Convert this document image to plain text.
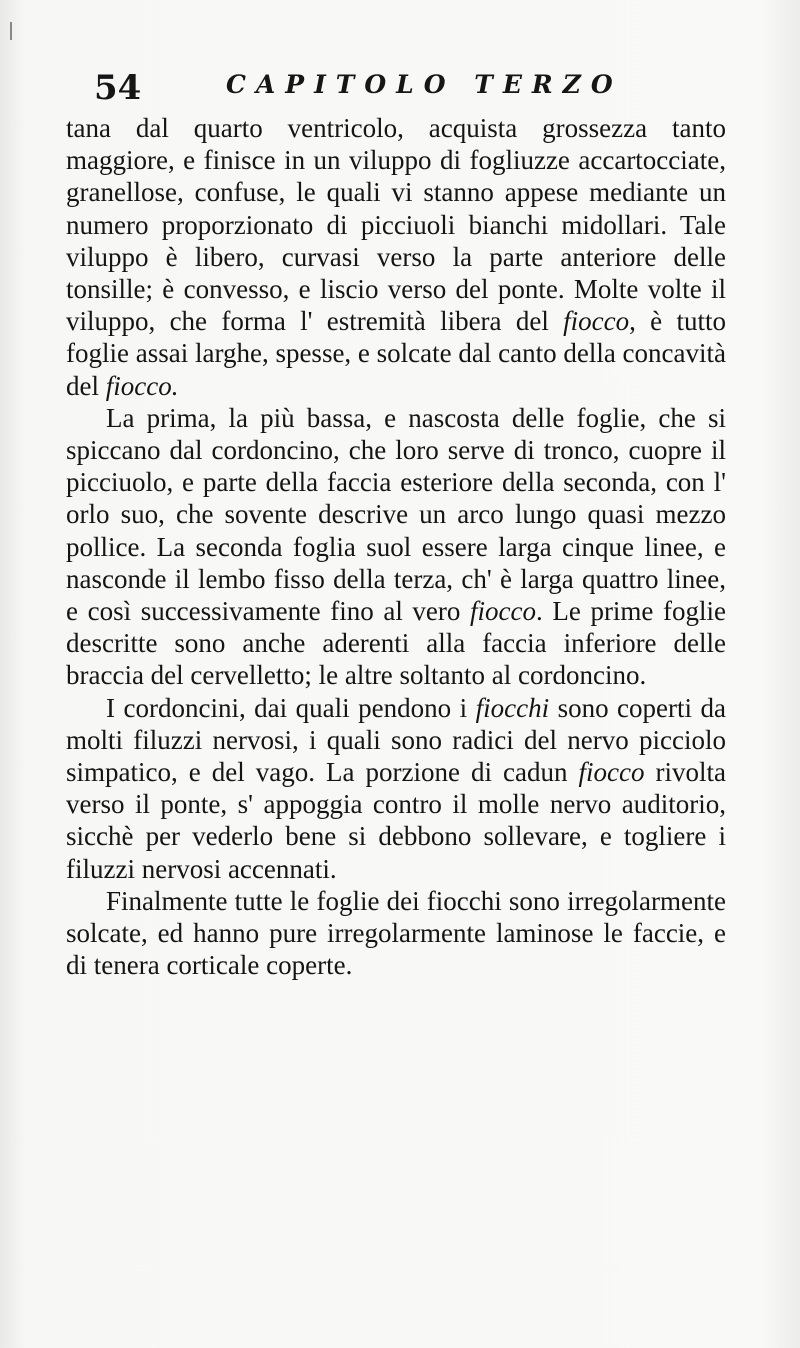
54	CAPITOLO TERZO

tana dal quarto ventricolo, acquista grossezza tanto maggiore, e finisce in un viluppo di fogliuzze accartocciate, granellose, confuse, le quali vi stanno appese mediante un numero proporzionato di picciuoli bianchi midollari. Tale viluppo è libero, curvasi verso la parte anteriore delle tonsille; è convesso, e liscio verso del ponte. Molte volte il viluppo, che forma l' estremità libera del fiocco, è tutto foglie assai larghe, spesse, e solcate dal canto della concavità del fiocco.

La prima, la più bassa, e nascosta delle foglie, che si spiccano dal cordoncino, che loro serve di tronco, cuopre il picciuolo, e parte della faccia esteriore della seconda, con l' orlo suo, che sovente descrive un arco lungo quasi mezzo pollice. La seconda foglia suol essere larga cinque linee, e nasconde il lembo fisso della terza, ch' è larga quattro linee, e così successivamente fino al vero fiocco. Le prime foglie descritte sono anche aderenti alla faccia inferiore delle braccia del cervelletto; le altre soltanto al cordoncino.

I cordoncini, dai quali pendono i fiocchi sono coperti da molti filuzzi nervosi, i quali sono radici del nervo picciolo simpatico, e del vago. La porzione di cadun fiocco rivolta verso il ponte, s' appoggia contro il molle nervo auditorio, sicchè per vederlo bene si debbono sollevare, e togliere i filuzzi nervosi accennati.

Finalmente tutte le foglie dei fiocchi sono irregolarmente solcate, ed hanno pure irregolarmente laminose le faccie, e di tenera corticale coperte.
